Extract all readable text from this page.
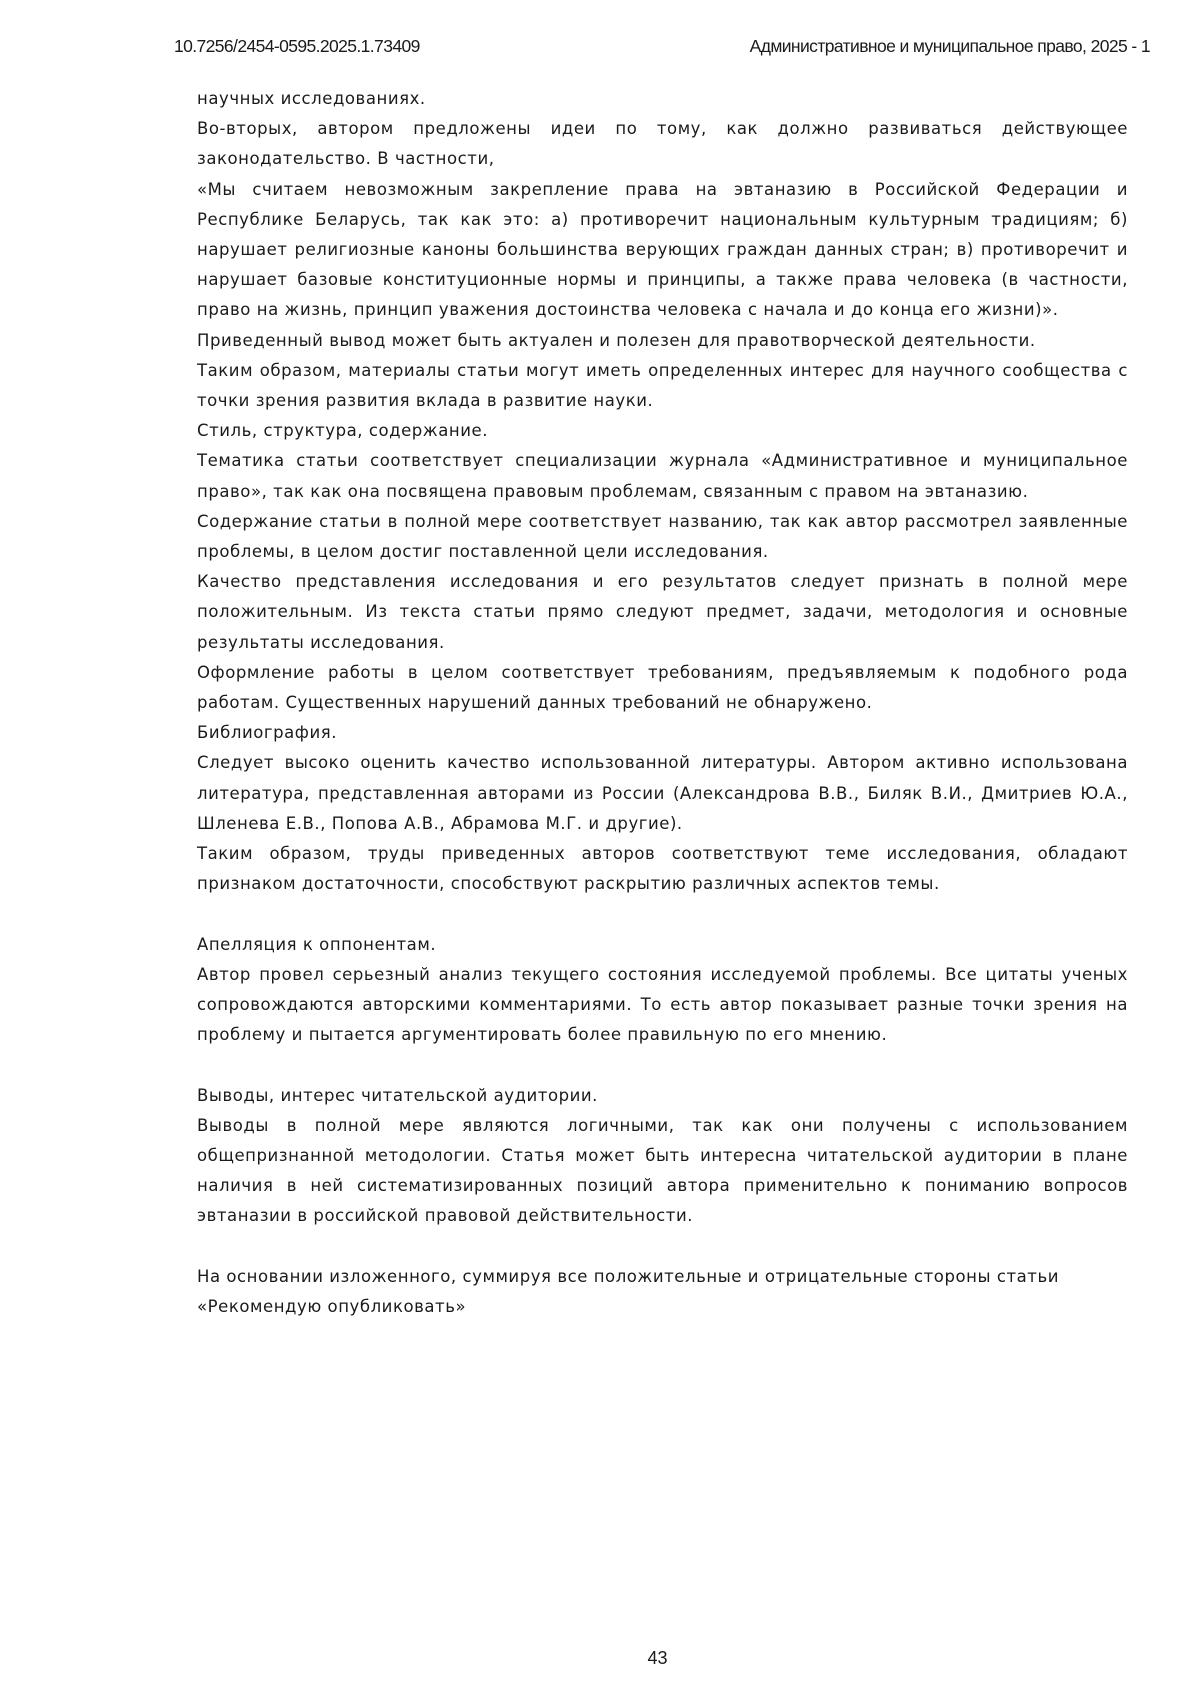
10.7256/2454-0595.2025.1.73409	Административное и муниципальное право, 2025 - 1

научных исследованиях.

Во-вторых, автором предложены идеи по тому, как должно развиваться действующее законодательство. В частности,

«Мы считаем невозможным закрепление права на эвтаназию в Российской Федерации и Республике Беларусь, так как это: а) противоречит национальным культурным традициям; б) нарушает религиозные каноны большинства верующих граждан данных стран; в) противоречит и нарушает базовые конституционные нормы и принципы, а также права человека (в частности, право на жизнь, принцип уважения достоинства человека с начала и до конца его жизни)».

Приведенный вывод может быть актуален и полезен для правотворческой деятельности.

Таким образом, материалы статьи могут иметь определенных интерес для научного сообщества с точки зрения развития вклада в развитие науки.

Стиль, структура, содержание.

Тематика статьи соответствует специализации журнала «Административное и муниципальное право», так как она посвящена правовым проблемам, связанным с правом на эвтаназию.

Содержание статьи в полной мере соответствует названию, так как автор рассмотрел заявленные проблемы, в целом достиг поставленной цели исследования.

Качество представления исследования и его результатов следует признать в полной мере положительным. Из текста статьи прямо следуют предмет, задачи, методология и основные результаты исследования.

Оформление работы в целом соответствует требованиям, предъявляемым к подобного рода работам. Существенных нарушений данных требований не обнаружено.

Библиография.

Следует высоко оценить качество использованной литературы. Автором активно использована литература, представленная авторами из России (Александрова В.В., Биляк В.И., Дмитриев Ю.А., Шленева Е.В., Попова А.В., Абрамова М.Г. и другие).

Таким образом, труды приведенных авторов соответствуют теме исследования, обладают признаком достаточности, способствуют раскрытию различных аспектов темы.

Апелляция к оппонентам.

Автор провел серьезный анализ текущего состояния исследуемой проблемы. Все цитаты ученых сопровождаются авторскими комментариями. То есть автор показывает разные точки зрения на проблему и пытается аргументировать более правильную по его мнению.

Выводы, интерес читательской аудитории.

Выводы в полной мере являются логичными, так как они получены с использованием общепризнанной методологии. Статья может быть интересна читательской аудитории в плане наличия в ней систематизированных позиций автора применительно к пониманию вопросов эвтаназии в российской правовой действительности.

На основании изложенного, суммируя все положительные и отрицательные стороны статьи

«Рекомендую опубликовать»

43
